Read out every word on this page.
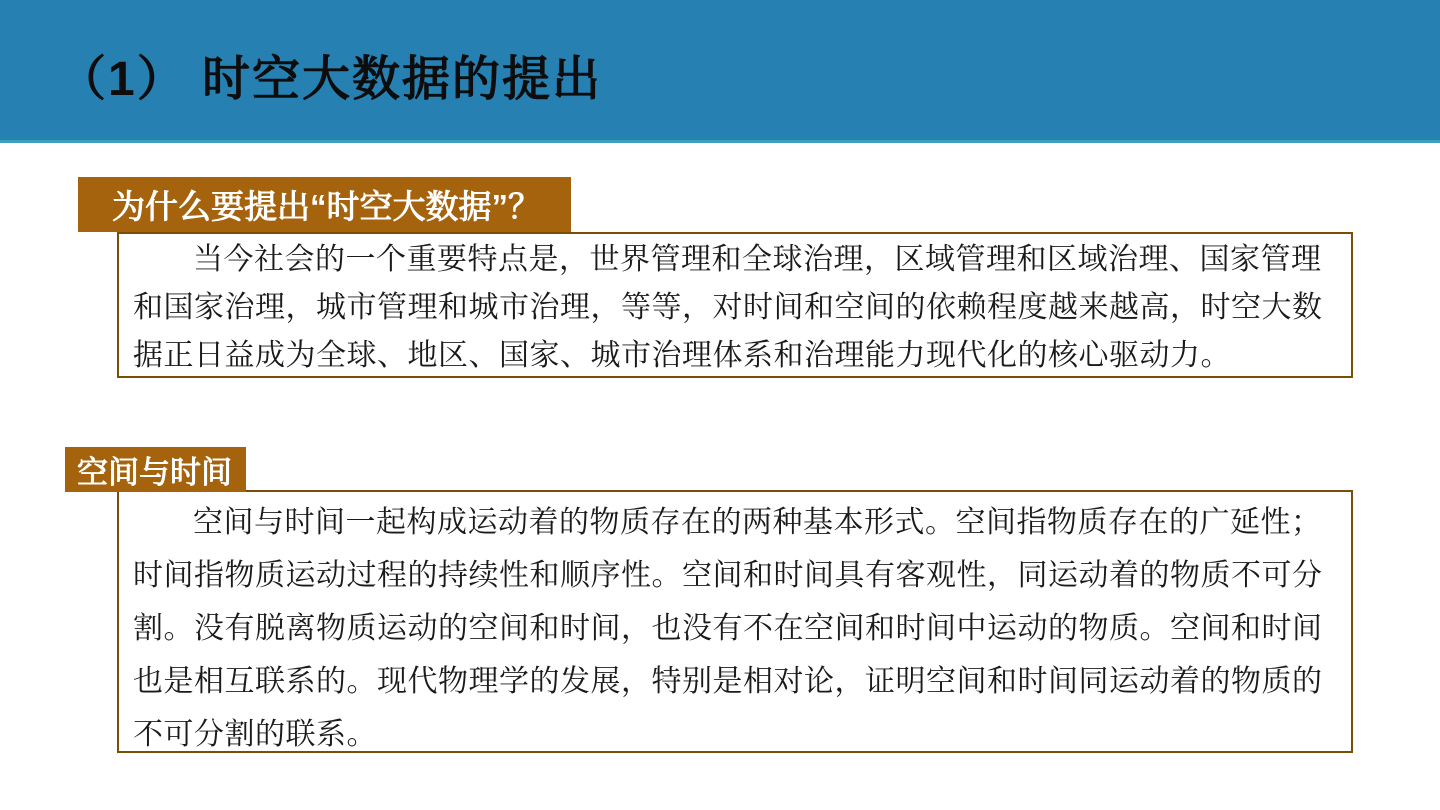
（1） 时空大数据的提出
为什么要提出“时空大数据”？

当今社会的一个重要特点是，世界管理和全球治理，区域管理和区域治理、国家管理和国家治理，城市管理和城市治理，等等，对时间和空间的依赖程度越来越高，时空大数据正日益成为全球、地区、国家、城市治理体系和治理能力现代化的核心驱动力。

空间与时间

空间与时间一起构成运动着的物质存在的两种基本形式。空间指物质存在的广延性；时间指物质运动过程的持续性和顺序性。空间和时间具有客观性，同运动着的物质不可分割。没有脱离物质运动的空间和时间，也没有不在空间和时间中运动的物质。空间和时间也是相互联系的。现代物理学的发展，特别是相对论，证明空间和时间同运动着的物质的不可分割的联系。
